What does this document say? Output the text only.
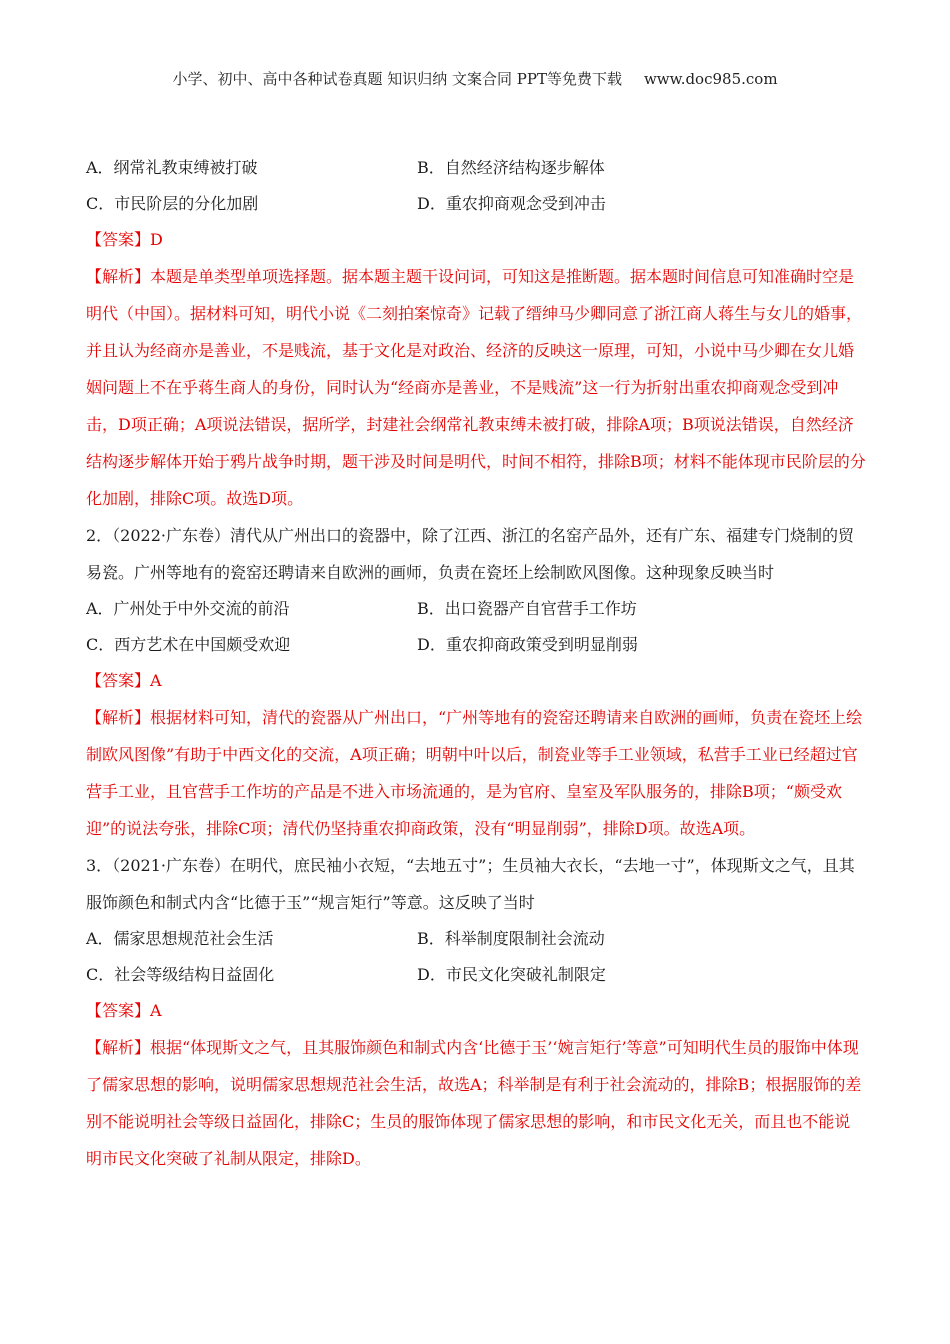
小学、初中、高中各种试卷真题 知识归纳 文案合同 PPT等免费下载 www.doc985.com
A．纲常礼教束缚被打破	B．自然经济结构逐步解体
C．市民阶层的分化加剧	D．重农抑商观念受到冲击
【答案】D

【解析】本题是单类型单项选择题。据本题主题干设问词，可知这是推断题。据本题时间信息可知准确时空是明代（中国）。据材料可知，明代小说《二刻拍案惊奇》记载了缙绅马少卿同意了浙江商人蒋生与女儿的婚事，并且认为经商亦是善业，不是贱流，基于文化是对政治、经济的反映这一原理，可知，小说中马少卿在女儿婚姻问题上不在乎蒋生商人的身份，同时认为“经商亦是善业，不是贱流”这一行为折射出重农抑商观念受到冲击，D项正确；A项说法错误，据所学，封建社会纲常礼教束缚未被打破，排除A项；B项说法错误，自然经济结构逐步解体开始于鸦片战争时期，题干涉及时间是明代，时间不相符，排除B项；材料不能体现市民阶层的分化加剧，排除C项。故选D项。

2．（2022·广东卷）清代从广州出口的瓷器中，除了江西、浙江的名窑产品外，还有广东、福建专门烧制的贸易瓷。广州等地有的瓷窑还聘请来自欧洲的画师，负责在瓷坯上绘制欧风图像。这种现象反映当时

A．广州处于中外交流的前沿	B．出口瓷器产自官营手工作坊
C．西方艺术在中国颇受欢迎	D．重农抑商政策受到明显削弱
【答案】A

【解析】根据材料可知，清代的瓷器从广州出口，“广州等地有的瓷窑还聘请来自欧洲的画师，负责在瓷坯上绘制欧风图像”有助于中西文化的交流，A项正确；明朝中叶以后，制瓷业等手工业领域，私营手工业已经超过官营手工业，且官营手工作坊的产品是不进入市场流通的，是为官府、皇室及军队服务的，排除B项；“颇受欢迎”的说法夸张，排除C项；清代仍坚持重农抑商政策，没有“明显削弱”，排除D项。故选A项。

3．（2021·广东卷）在明代，庶民袖小衣短，“去地五寸”；生员袖大衣长，“去地一寸”，体现斯文之气，且其服饰颜色和制式内含“比德于玉”“规言矩行”等意。这反映了当时

A．儒家思想规范社会生活	B．科举制度限制社会流动
C．社会等级结构日益固化	D．市民文化突破礼制限定
【答案】A

【解析】根据“体现斯文之气，且其服饰颜色和制式内含‘比德于玉’‘婉言矩行’等意”可知明代生员的服饰中体现了儒家思想的影响，说明儒家思想规范社会生活，故选A；科举制是有利于社会流动的，排除B；根据服饰的差别不能说明社会等级日益固化，排除C；生员的服饰体现了儒家思想的影响，和市民文化无关，而且也不能说明市民文化突破了礼制从限定，排除D。
